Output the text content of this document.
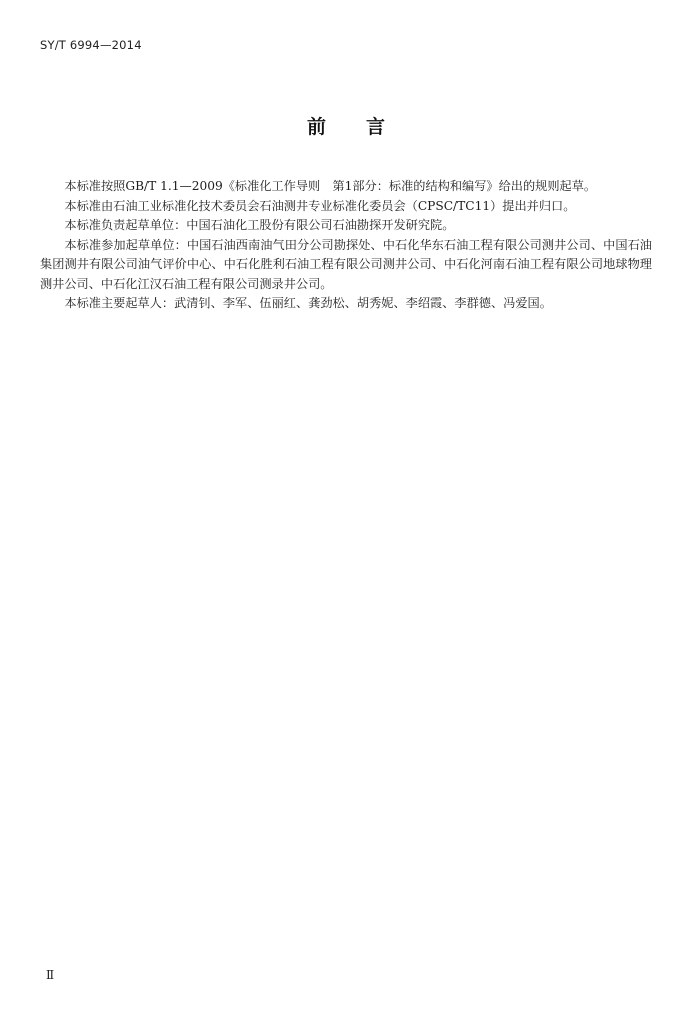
SY/T 6994—2014
前 言

本标准按照GB/T 1.1—2009《标准化工作导则　第1部分：标准的结构和编写》给出的规则起草。

本标准由石油工业标准化技术委员会石油测井专业标准化委员会（CPSC/TC11）提出并归口。

本标准负责起草单位：中国石油化工股份有限公司石油勘探开发研究院。

本标准参加起草单位：中国石油西南油气田分公司勘探处、中石化华东石油工程有限公司测井公司、中国石油集团测井有限公司油气评价中心、中石化胜利石油工程有限公司测井公司、中石化河南石油工程有限公司地球物理测井公司、中石化江汉石油工程有限公司测录井公司。

本标准主要起草人：武清钊、李军、伍丽红、龚劲松、胡秀妮、李绍霞、李群德、冯爱国。

Ⅱ
